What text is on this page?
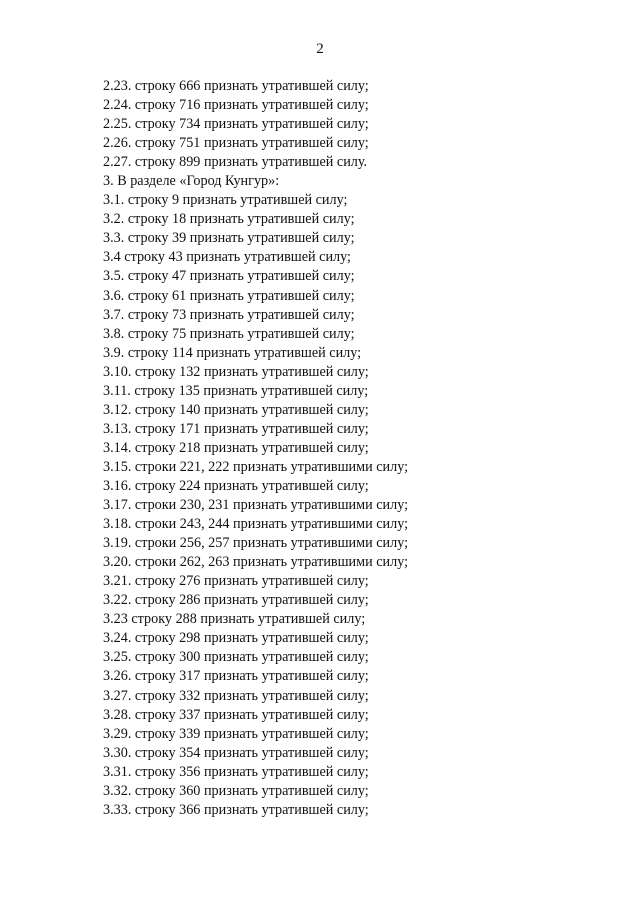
2
2.23. строку 666 признать утратившей силу;
2.24. строку 716 признать утратившей силу;
2.25. строку 734 признать утратившей силу;
2.26. строку 751 признать утратившей силу;
2.27. строку 899 признать утратившей силу.
3. В разделе «Город Кунгур»:
3.1. строку 9 признать утратившей силу;
3.2. строку 18 признать утратившей силу;
3.3. строку 39 признать утратившей силу;
3.4 строку 43 признать утратившей силу;
3.5. строку 47 признать утратившей силу;
3.6. строку 61 признать утратившей силу;
3.7. строку 73 признать утратившей силу;
3.8. строку 75 признать утратившей силу;
3.9. строку 114 признать утратившей силу;
3.10. строку 132 признать утратившей силу;
3.11. строку 135 признать утратившей силу;
3.12. строку 140 признать утратившей силу;
3.13. строку 171 признать утратившей силу;
3.14. строку 218 признать утратившей силу;
3.15. строки 221, 222 признать утратившими силу;
3.16. строку 224 признать утратившей силу;
3.17. строки 230, 231 признать утратившими силу;
3.18. строки 243, 244 признать утратившими силу;
3.19. строки 256, 257 признать утратившими силу;
3.20. строки 262, 263 признать утратившими силу;
3.21. строку 276 признать утратившей силу;
3.22. строку 286 признать утратившей силу;
3.23 строку 288 признать утратившей силу;
3.24. строку 298 признать утратившей силу;
3.25. строку 300 признать утратившей силу;
3.26. строку 317 признать утратившей силу;
3.27. строку 332 признать утратившей силу;
3.28. строку 337 признать утратившей силу;
3.29. строку 339 признать утратившей силу;
3.30. строку 354 признать утратившей силу;
3.31. строку 356 признать утратившей силу;
3.32. строку 360 признать утратившей силу;
3.33. строку 366 признать утратившей силу;
